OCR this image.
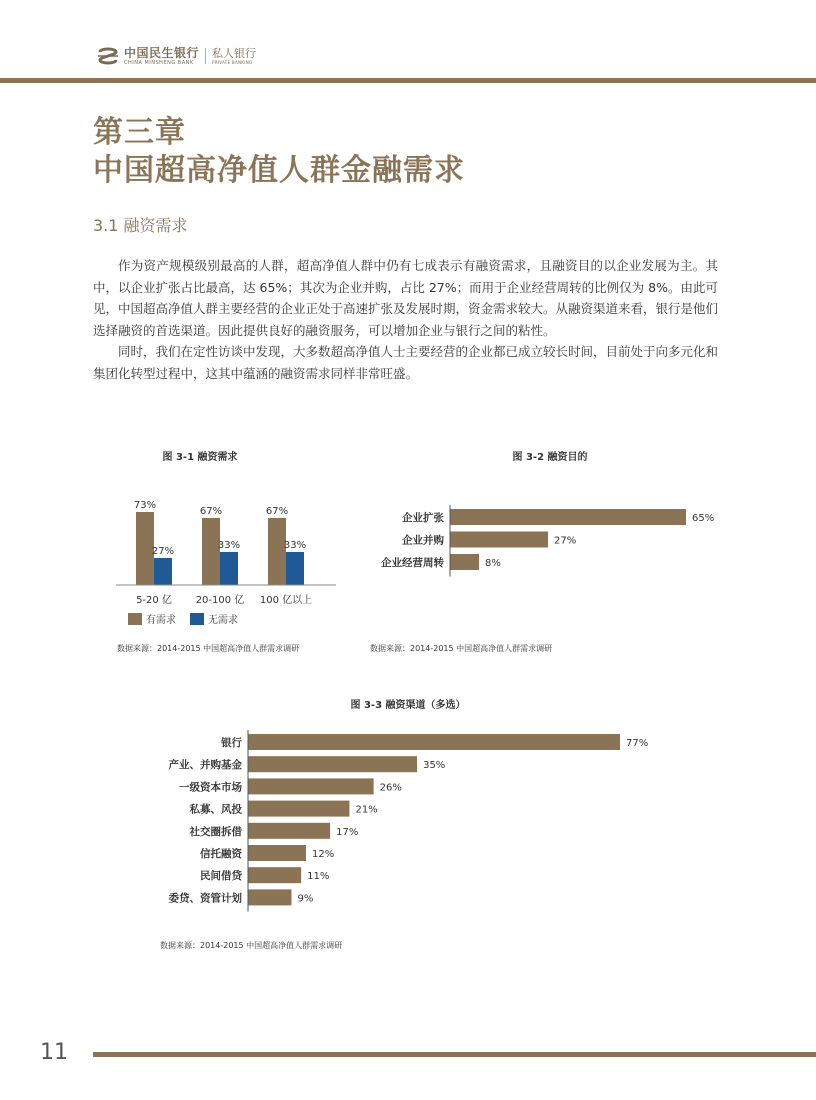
中国民生银行
CHINA MINSHENG BANK
私人银行
PRIVATE BANKING
第三章
中国超高净值人群金融需求
3.1 融资需求

作为资产规模级别最高的人群，超高净值人群中仍有七成表示有融资需求，且融资目的以企业发展为主。其中，以企业扩张占比最高，达 65%；其次为企业并购，占比 27%；而用于企业经营周转的比例仅为 8%。由此可见，中国超高净值人群主要经营的企业正处于高速扩张及发展时期，资金需求较大。从融资渠道来看，银行是他们选择融资的首选渠道。因此提供良好的融资服务，可以增加企业与银行之间的粘性。

同时，我们在定性访谈中发现，大多数超高净值人士主要经营的企业都已成立较长时间，目前处于向多元化和集团化转型过程中，这其中蕴涵的融资需求同样非常旺盛。

图 3-1 融资需求
73%
27%
5-20 亿
67%
33%
20-100 亿
67%
33%
100 亿以上
有需求	无需求
数据来源：2014-2015 中国超高净值人群需求调研
图 3-2 融资目的
企业扩张	65%
企业并购	27%
企业经营周转	8%
数据来源：2014-2015 中国超高净值人群需求调研
图 3-3 融资渠道（多选）
银行	77%
产业、并购基金	35%
一级资本市场	26%
私募、风投	21%
社交圈拆借	17%
信托融资	12%
民间借贷	11%
委贷、资管计划	9%
数据来源：2014-2015 中国超高净值人群需求调研
11
